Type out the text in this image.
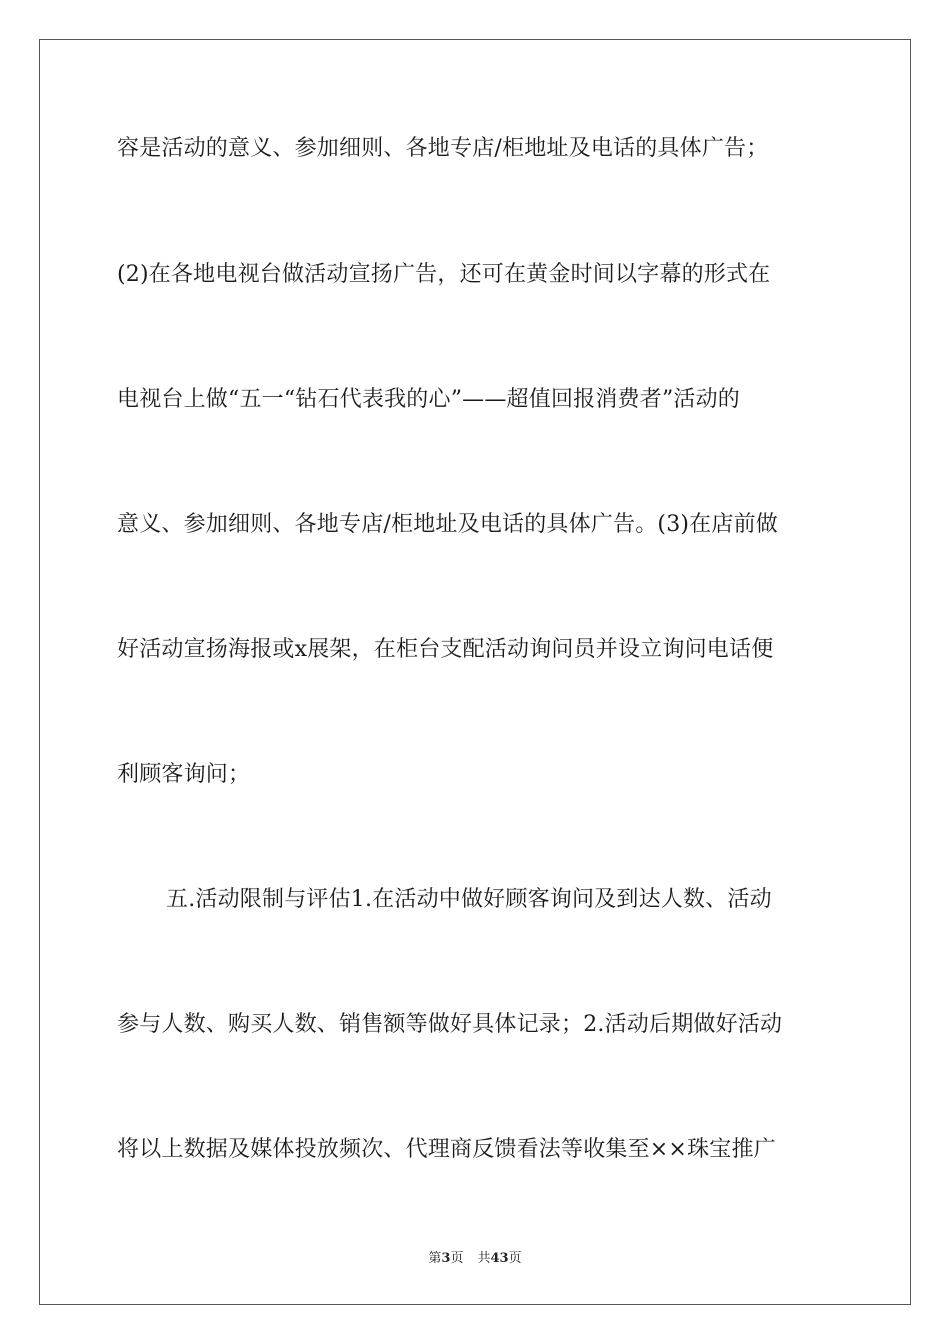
容是活动的意义、参加细则、各地专店/柜地址及电话的具体广告；
(2)在各地电视台做活动宣扬广告，还可在黄金时间以字幕的形式在
电视台上做“五一“钻石代表我的心”——超值回报消费者”活动的
意义、参加细则、各地专店/柜地址及电话的具体广告。(3)在店前做
好活动宣扬海报或x展架，在柜台支配活动询问员并设立询问电话便
利顾客询问；
五.活动限制与评估1.在活动中做好顾客询问及到达人数、活动
参与人数、购买人数、销售额等做好具体记录；2.活动后期做好活动
将以上数据及媒体投放频次、代理商反馈看法等收集至××珠宝推广
第3页 共43页
